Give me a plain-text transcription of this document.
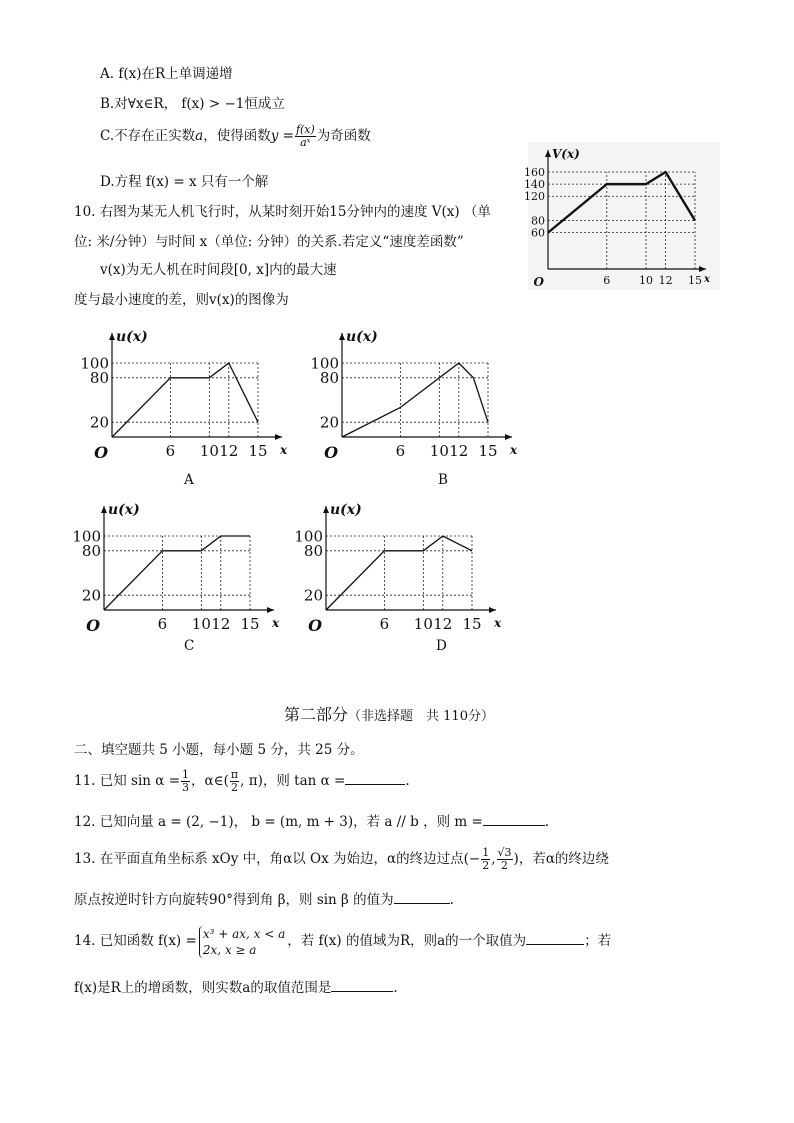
A. f(x)在R上单调递增
B.对∀x∈R， f(x) > −1恒成立
C.不存在正实数a，使得函数$y = \frac{f(x)}{\text{aˣ}}$ 为奇函数
D.方程 f(x) = x 只有一个解
10. 右图为某无人机飞行时，从某时刻开始15分钟内的速度 V(x) （单
位: 米/分钟）与时间 x（单位: 分钟）的关系.若定义“速度差函数”
v(x)为无人机在时间段[0, x]内的最大速
度与最小速度的差，则v(x)的图像为
6	10 12 15
160
140
120
80
60
O	x
V(x)
6 10 12 15
100
80
20
O	x
u(x)
A
6 10 12 15
100
80
20
O	x
u(x)
B
6 10 12 15
100
80
20
O	x
u(x)
C
6 10 12 15
100
80
20
O	x
u(x)
D
第二部分（非选择题　共 110分）
二、填空题共 5 小题，每小题 5 分，共 25 分。
11. 已知 $\sin \alpha = \frac{1}{3}$ ，α∈( $\frac{\pi}{2}$ , π)，则 tan α =	.
12. 已知向量 a = (2, −1)， b = (m, m + 3)，若 a // b ，则 m =	.
13. 在平面直角坐标系 xOy 中，角α以 Ox 为始边，α的终边过点(− $\frac{1}{2}$ , $\frac{√3}{2}$ )，若α的终边绕
原点按逆时针方向旋转90°得到角 β，则 sin β 的值为	.
14. 已知函数 f(x) = x³ + ax, x < a
2x, x ≥ a
，若 f(x) 的值域为R，则a的一个取值为	；若
f(x)是R上的增函数，则实数a的取值范围是	.
